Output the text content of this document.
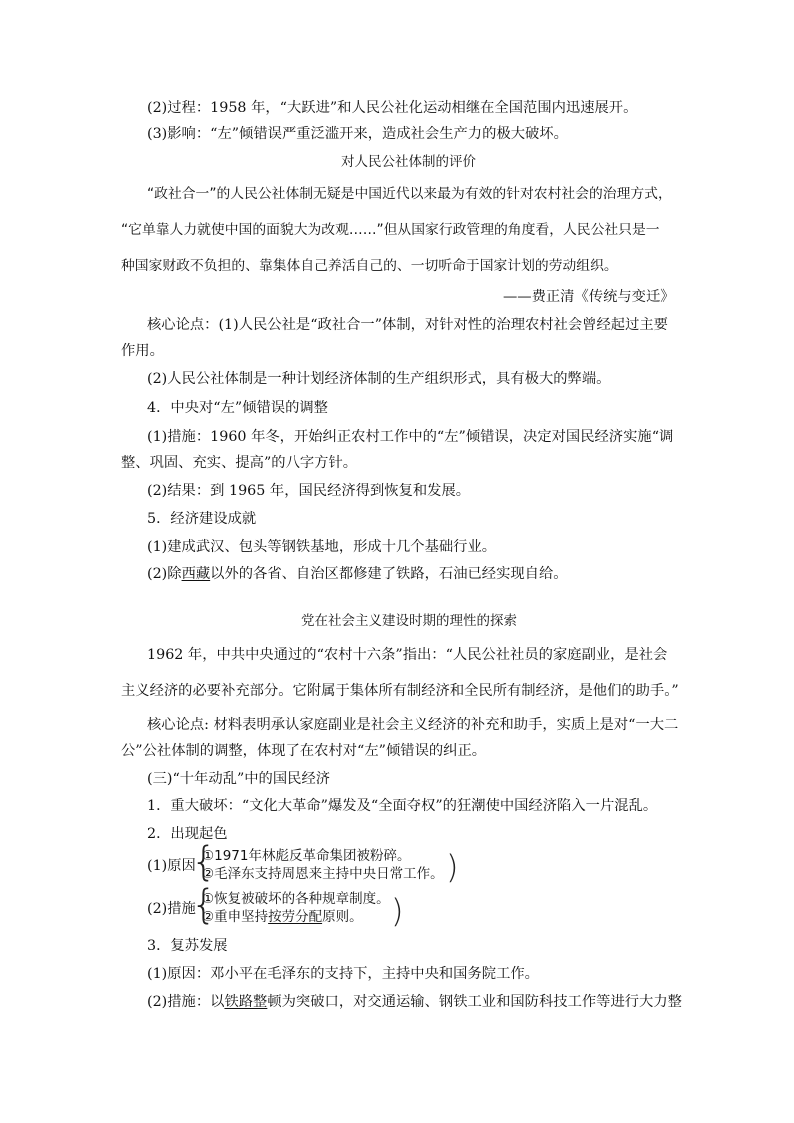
(2)过程：1958 年，“大跃进”和人民公社化运动相继在全国范围内迅速展开。
(3)影响：“左”倾错误严重泛滥开来，造成社会生产力的极大破坏。
对人民公社体制的评价
“政社合一”的人民公社体制无疑是中国近代以来最为有效的针对农村社会的治理方式，
“它单靠人力就使中国的面貌大为改观……”但从国家行政管理的角度看，人民公社只是一
种国家财政不负担的、靠集体自己养活自己的、一切听命于国家计划的劳动组织。
——费正清《传统与变迁》
核心论点：(1)人民公社是“政社合一”体制，对针对性的治理农村社会曾经起过主要
作用。
(2)人民公社体制是一种计划经济体制的生产组织形式，具有极大的弊端。
4．中央对“左”倾错误的调整
(1)措施：1960 年冬，开始纠正农村工作中的“左”倾错误，决定对国民经济实施“调
整、巩固、充实、提高”的八字方针。
(2)结果：到 1965 年，国民经济得到恢复和发展。
5．经济建设成就
(1)建成武汉、包头等钢铁基地，形成十几个基础行业。
(2)除西藏以外的各省、自治区都修建了铁路，石油已经实现自给。
党在社会主义建设时期的理性的探索
1962 年，中共中央通过的“农村十六条”指出：“人民公社社员的家庭副业，是社会
主义经济的必要补充部分。它附属于集体所有制经济和全民所有制经济，是他们的助手。”
核心论点: 材料表明承认家庭副业是社会主义经济的补充和助手，实质上是对“一大二
公”公社体制的调整，体现了在农村对“左”倾错误的纠正。
(三)“十年动乱”中的国民经济
1．重大破坏：“文化大革命”爆发及“全面夺权”的狂潮使中国经济陷入一片混乱。
2．出现起色
(1)原因
{
①1971年林彪反革命集团被粉碎。
②毛泽东支持周恩来主持中央日常工作。 )
(2)措施
{
①恢复被破坏的各种规章制度。
②重申坚持按劳分配原则。 )
3．复苏发展
(1)原因：邓小平在毛泽东的支持下，主持中央和国务院工作。
(2)措施：以铁路整顿为突破口，对交通运输、钢铁工业和国防科技工作等进行大力整
